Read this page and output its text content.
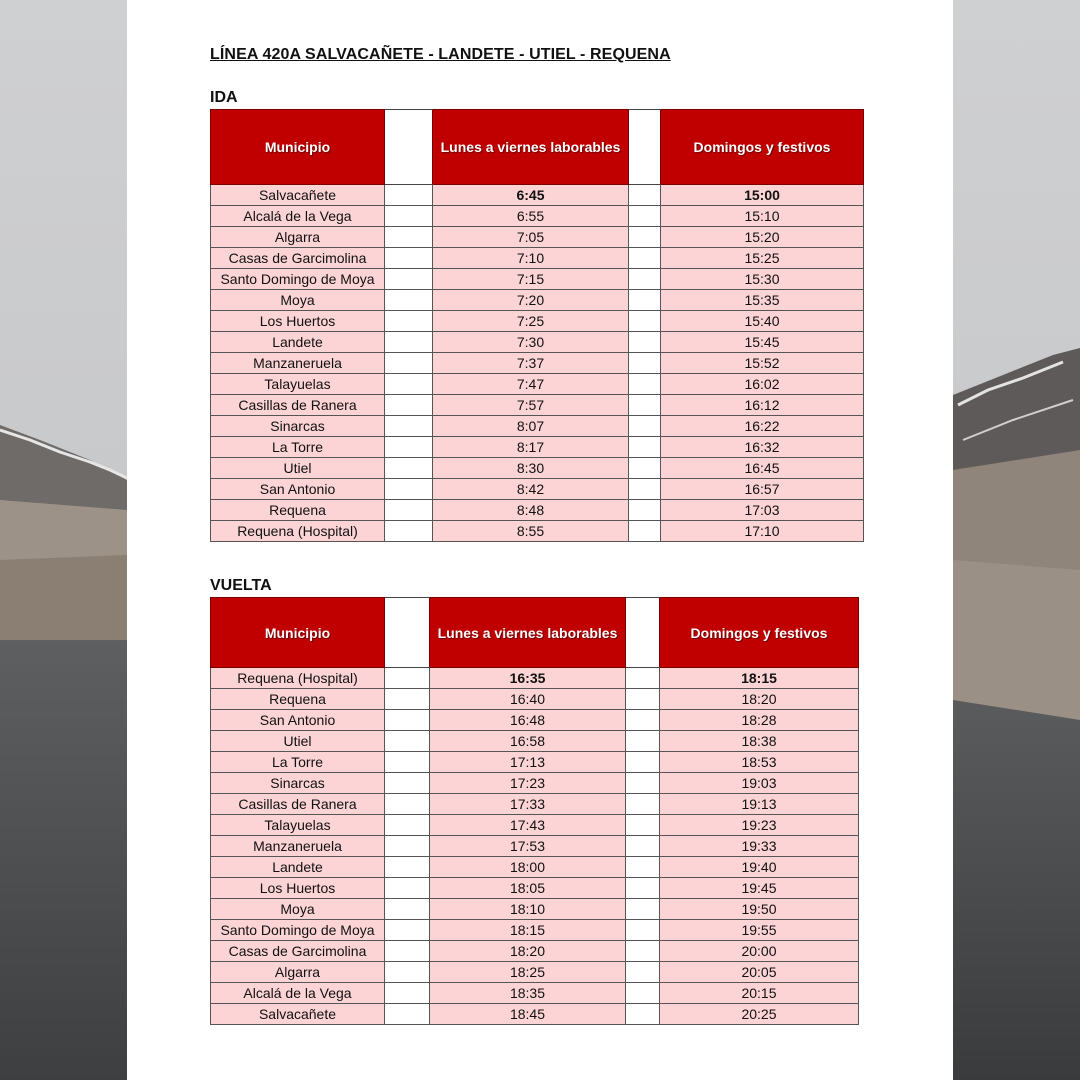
LÍNEA 420A SALVACAÑETE - LANDETE - UTIEL - REQUENA
IDA
Municipio		Lunes a viernes laborables		Domingos y festivos
Salvacañete		6:45		15:00
Alcalá de la Vega		6:55		15:10
Algarra		7:05		15:20
Casas de Garcimolina		7:10		15:25
Santo Domingo de Moya		7:15		15:30
Moya		7:20		15:35
Los Huertos		7:25		15:40
Landete		7:30		15:45
Manzaneruela		7:37		15:52
Talayuelas		7:47		16:02
Casillas de Ranera		7:57		16:12
Sinarcas		8:07		16:22
La Torre		8:17		16:32
Utiel		8:30		16:45
San Antonio		8:42		16:57
Requena		8:48		17:03
Requena (Hospital)		8:55		17:10
VUELTA
Municipio		Lunes a viernes laborables		Domingos y festivos
Requena (Hospital)		16:35		18:15
Requena		16:40		18:20
San Antonio		16:48		18:28
Utiel		16:58		18:38
La Torre		17:13		18:53
Sinarcas		17:23		19:03
Casillas de Ranera		17:33		19:13
Talayuelas		17:43		19:23
Manzaneruela		17:53		19:33
Landete		18:00		19:40
Los Huertos		18:05		19:45
Moya		18:10		19:50
Santo Domingo de Moya		18:15		19:55
Casas de Garcimolina		18:20		20:00
Algarra		18:25		20:05
Alcalá de la Vega		18:35		20:15
Salvacañete		18:45		20:25
